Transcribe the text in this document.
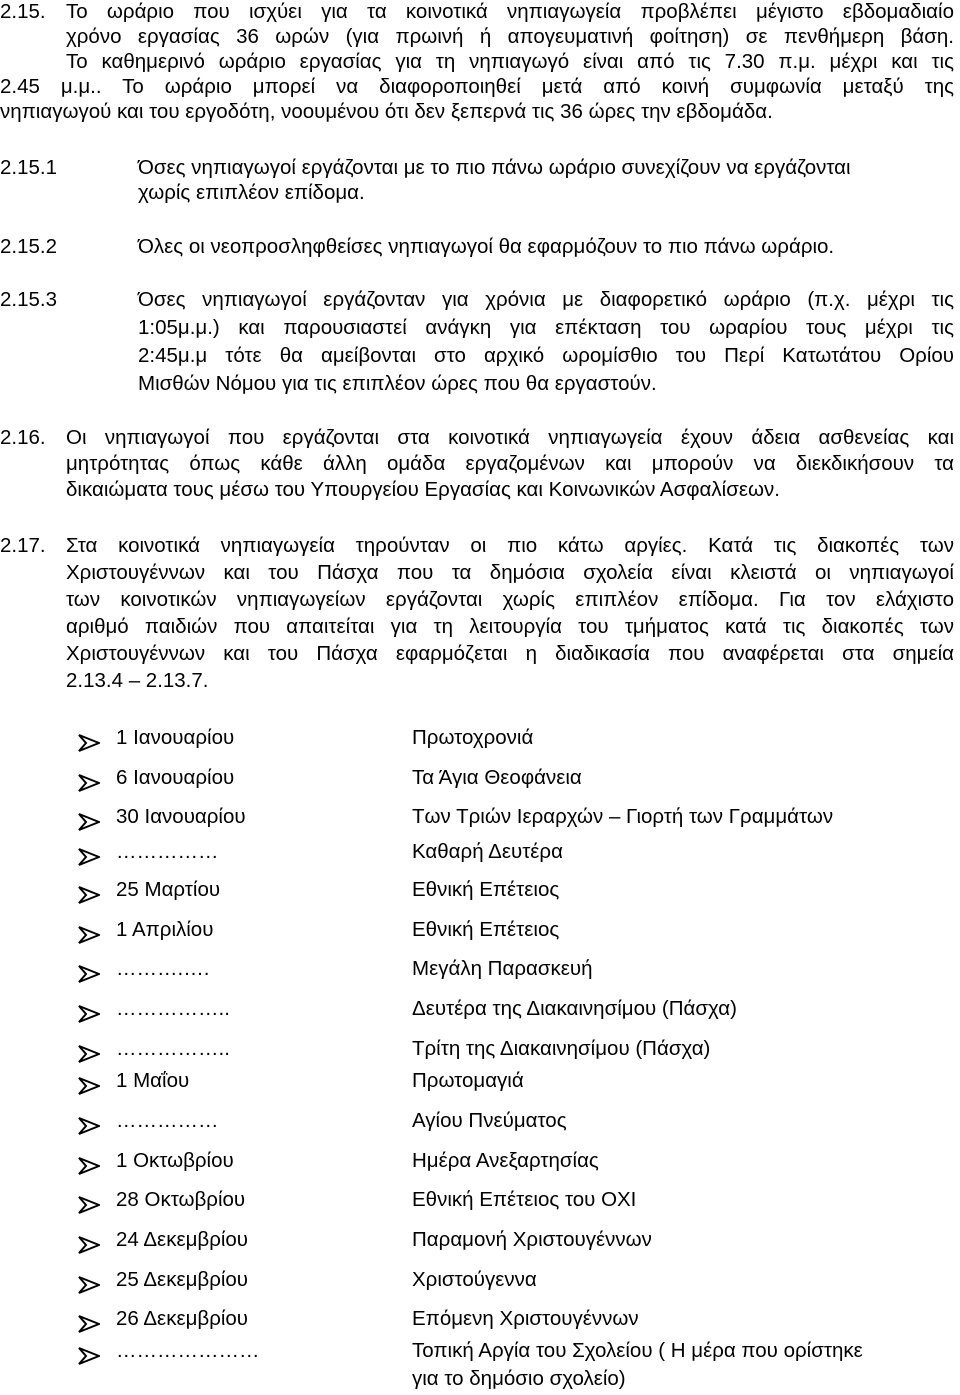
2.15. Το ωράριο που ισχύει για τα κοινοτικά νηπιαγωγεία προβλέπει μέγιστο εβδομαδιαίο
χρόνο εργασίας 36 ωρών (για πρωινή ή απογευματινή φοίτηση) σε πενθήμερη βάση.
Το καθημερινό ωράριο εργασίας για τη νηπιαγωγό είναι από τις 7.30 π.μ. μέχρι και τις
2.45 μ.μ.. Το ωράριο μπορεί να διαφοροποιηθεί μετά από κοινή συμφωνία μεταξύ της
νηπιαγωγού και του εργοδότη, νοουμένου ότι δεν ξεπερνά τις 36 ώρες την εβδομάδα.
2.15.1	Όσες νηπιαγωγοί εργάζονται με το πιο πάνω ωράριο συνεχίζουν να εργάζονται
χωρίς επιπλέον επίδομα.
2.15.2	Όλες οι νεοπροσληφθείσες νηπιαγωγοί θα εφαρμόζουν το πιο πάνω ωράριο.
2.15.3	Όσες νηπιαγωγοί εργάζονταν για χρόνια με διαφορετικό ωράριο (π.χ. μέχρι τις
1:05μ.μ.) και παρουσιαστεί ανάγκη για επέκταση του ωραρίου τους μέχρι τις
2:45μ.μ τότε θα αμείβονται στο αρχικό ωρομίσθιο του Περί Κατωτάτου Ορίου
Μισθών Νόμου για τις επιπλέον ώρες που θα εργαστούν.
2.16. Οι νηπιαγωγοί που εργάζονται στα κοινοτικά νηπιαγωγεία έχουν άδεια ασθενείας και
μητρότητας όπως κάθε άλλη ομάδα εργαζομένων και μπορούν να διεκδικήσουν τα
δικαιώματα τους μέσω του Υπουργείου Εργασίας και Κοινωνικών Ασφαλίσεων.
2.17. Στα κοινοτικά νηπιαγωγεία τηρούνταν οι πιο κάτω αργίες. Κατά τις διακοπές των
Χριστουγέννων και του Πάσχα που τα δημόσια σχολεία είναι κλειστά οι νηπιαγωγοί
των κοινοτικών νηπιαγωγείων εργάζονται χωρίς επιπλέον επίδομα. Για τον ελάχιστο
αριθμό παιδιών που απαιτείται για τη λειτουργία του τμήματος κατά τις διακοπές των
Χριστουγέννων και του Πάσχα εφαρμόζεται η διαδικασία που αναφέρεται στα σημεία
2.13.4 – 2.13.7.
1 Ιανουαρίου	Πρωτοχρονιά
6 Ιανουαρίου	Τα Άγια Θεοφάνεια
30 Ιανουαρίου	Των Τριών Ιεραρχών – Γιορτή των Γραμμάτων
……………	Καθαρή Δευτέρα
25 Μαρτίου	Εθνική Επέτειος
1 Απριλίου	Εθνική Επέτειος
……….….	Μεγάλη Παρασκευή
……………..	Δευτέρα της Διακαινησίμου (Πάσχα)
……………..	Τρίτη της Διακαινησίμου (Πάσχα)
1 Μαΐου	Πρωτομαγιά
……………	Αγίου Πνεύματος
1 Οκτωβρίου	Ημέρα Ανεξαρτησίας
28 Οκτωβρίου	Εθνική Επέτειος του ΟΧΙ
24 Δεκεμβρίου	Παραμονή Χριστουγέννων
25 Δεκεμβρίου	Χριστούγεννα
26 Δεκεμβρίου	Επόμενη Χριστουγέννων
…………………	Τοπική Αργία του Σχολείου ( Η μέρα που ορίστηκε
για το δημόσιο σχολείο)
